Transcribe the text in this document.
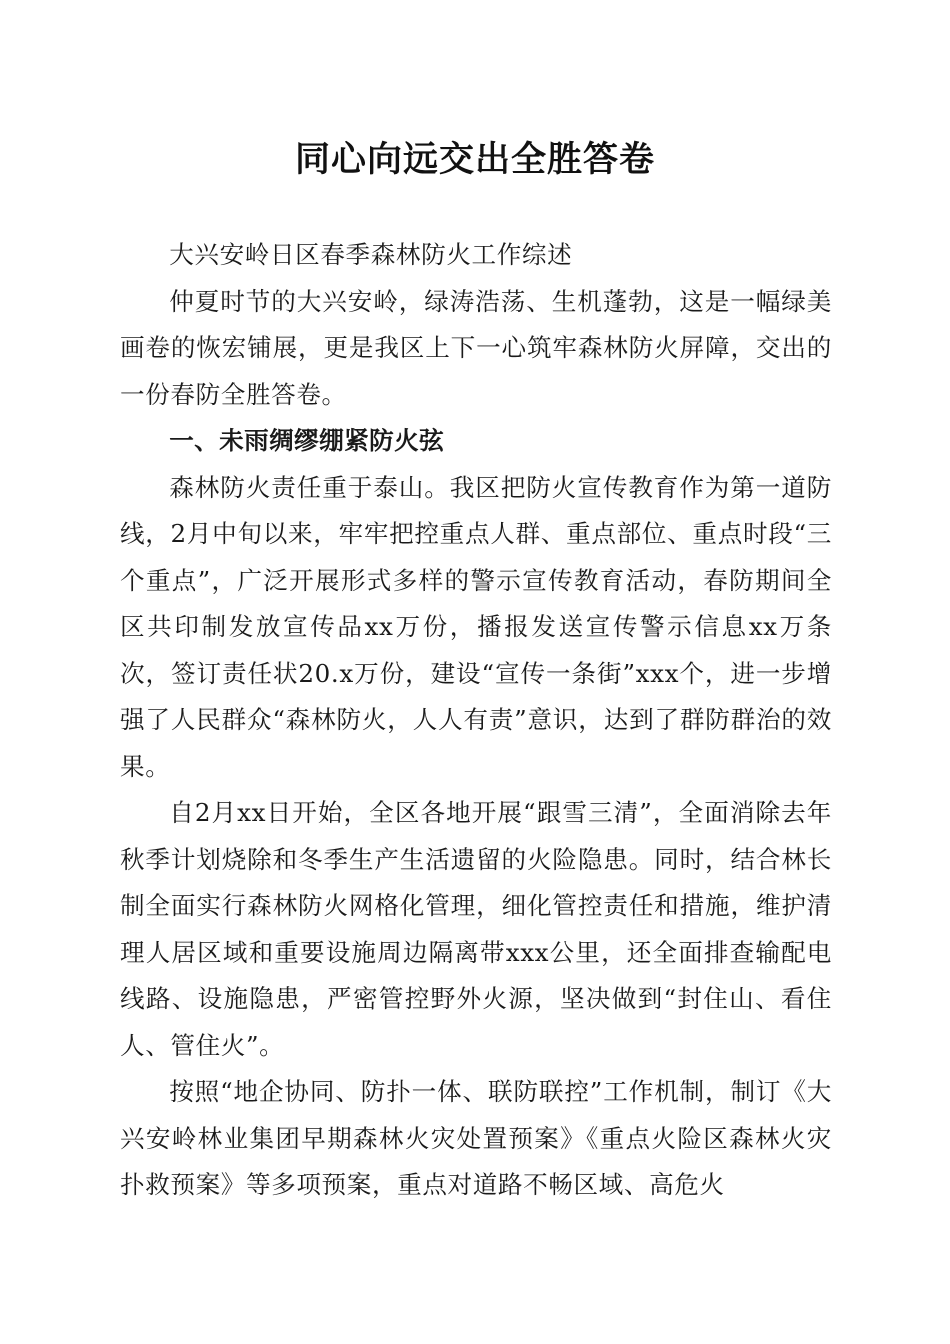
同心向远交出全胜答卷

大兴安岭日区春季森林防火工作综述

仲夏时节的大兴安岭，绿涛浩荡、生机蓬勃，这是一幅绿美画卷的恢宏铺展，更是我区上下一心筑牢森林防火屏障，交出的一份春防全胜答卷。

一、未雨绸缪绷紧防火弦

森林防火责任重于泰山。我区把防火宣传教育作为第一道防线，2月中旬以来，牢牢把控重点人群、重点部位、重点时段“三个重点”，广泛开展形式多样的警示宣传教育活动，春防期间全区共印制发放宣传品xx万份，播报发送宣传警示信息xx万条次，签订责任状20.x万份，建设“宣传一条街”xxx个，进一步增强了人民群众“森林防火，人人有责”意识，达到了群防群治的效果。

自2月xx日开始，全区各地开展“跟雪三清”，全面消除去年秋季计划烧除和冬季生产生活遗留的火险隐患。同时，结合林长制全面实行森林防火网格化管理，细化管控责任和措施，维护清理人居区域和重要设施周边隔离带xxx公里，还全面排查输配电线路、设施隐患，严密管控野外火源，坚决做到“封住山、看住人、管住火”。

按照“地企协同、防扑一体、联防联控”工作机制，制订《大兴安岭林业集团早期森林火灾处置预案》《重点火险区森林火灾扑救预案》等多项预案，重点对道路不畅区域、高危火
